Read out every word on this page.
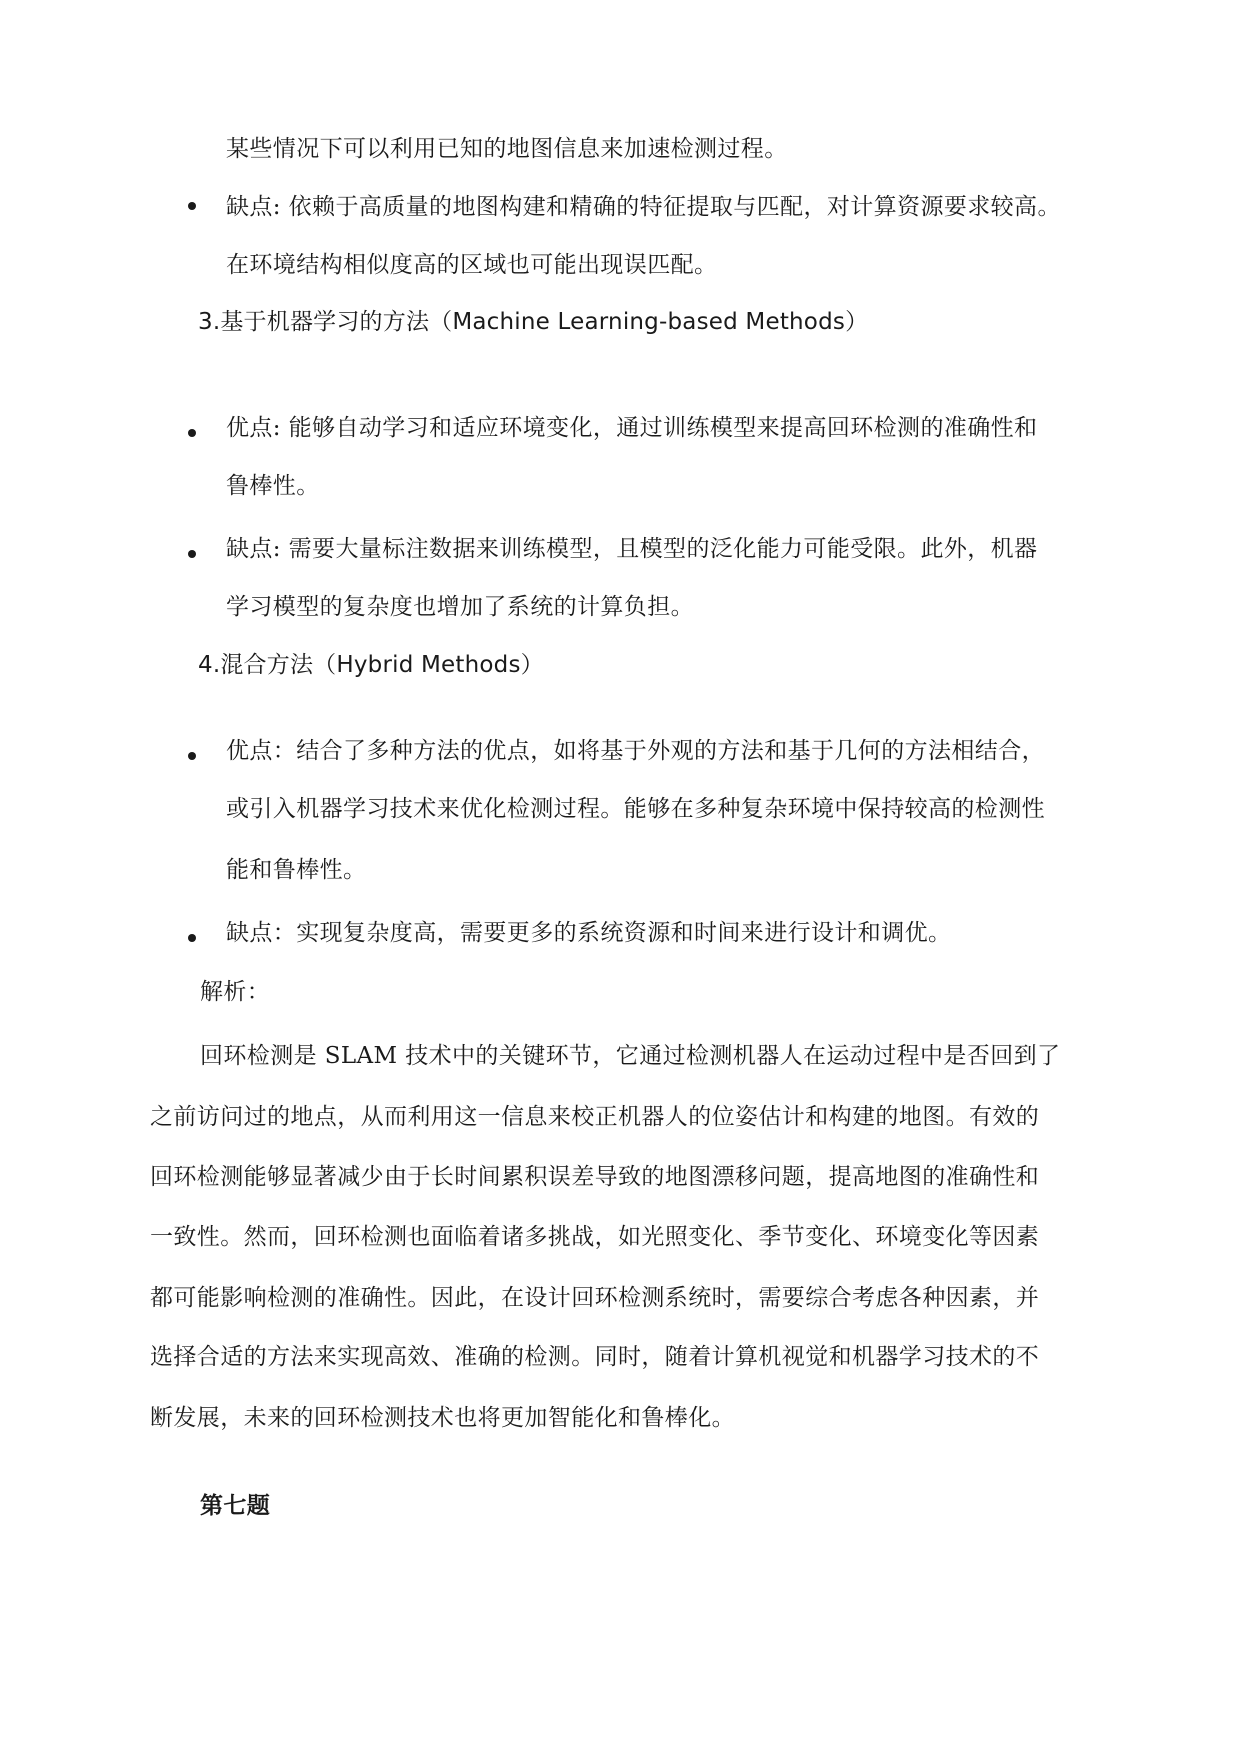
某些情况下可以利用已知的地图信息来加速检测过程。
缺点: 依赖于高质量的地图构建和精确的特征提取与匹配，对计算资源要求较高。
在环境结构相似度高的区域也可能出现误匹配。
3.基于机器学习的方法（Machine Learning-based Methods）
优点: 能够自动学习和适应环境变化，通过训练模型来提高回环检测的准确性和
鲁棒性。
缺点: 需要大量标注数据来训练模型，且模型的泛化能力可能受限。此外，机器
学习模型的复杂度也增加了系统的计算负担。
4.混合方法（Hybrid Methods）
优点：结合了多种方法的优点，如将基于外观的方法和基于几何的方法相结合，
或引入机器学习技术来优化检测过程。能够在多种复杂环境中保持较高的检测性
能和鲁棒性。
缺点：实现复杂度高，需要更多的系统资源和时间来进行设计和调优。
解析：
回环检测是 SLAM 技术中的关键环节，它通过检测机器人在运动过程中是否回到了
之前访问过的地点，从而利用这一信息来校正机器人的位姿估计和构建的地图。有效的
回环检测能够显著减少由于长时间累积误差导致的地图漂移问题，提高地图的准确性和
一致性。然而，回环检测也面临着诸多挑战，如光照变化、季节变化、环境变化等因素
都可能影响检测的准确性。因此，在设计回环检测系统时，需要综合考虑各种因素，并
选择合适的方法来实现高效、准确的检测。同时，随着计算机视觉和机器学习技术的不
断发展，未来的回环检测技术也将更加智能化和鲁棒化。
第七题
